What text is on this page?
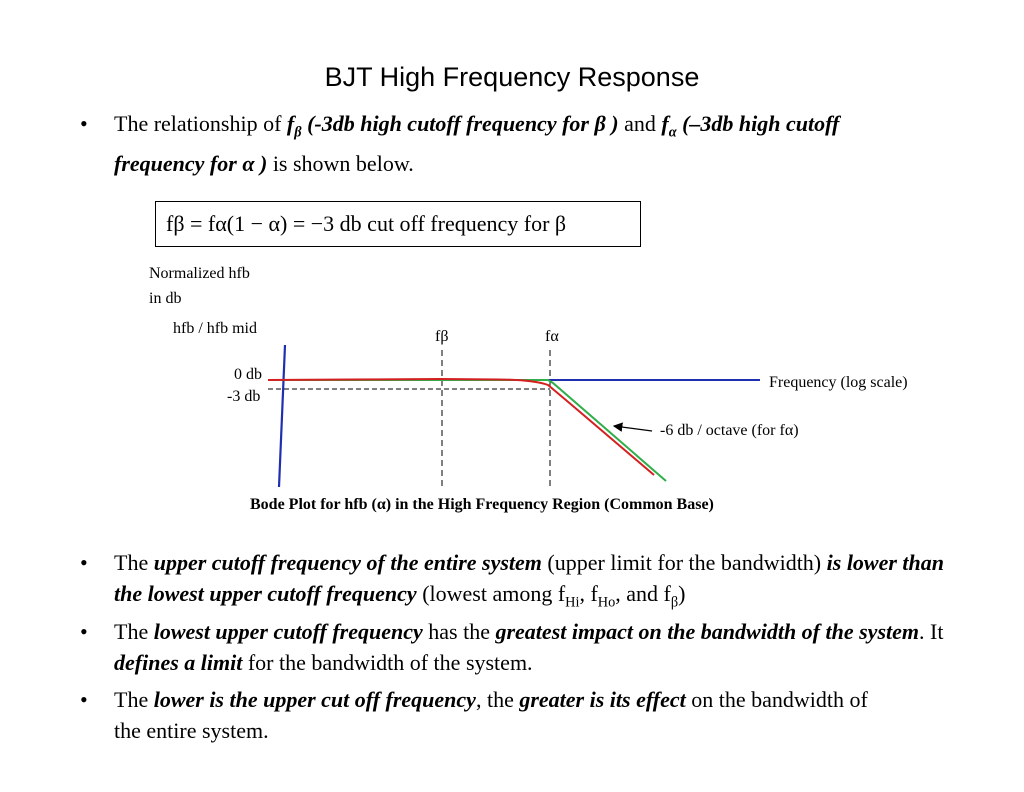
BJT High Frequency Response
• The relationship of $f_\beta$ (-3db high cutoff frequency for β ) and $f_\alpha$ (–3db high cutoff frequency for α ) is shown below.
fβ = fα(1 − α) = −3 db cut off frequency for β
Normalized hfb
in db
hfb / hfb mid	fβ	fα
0 db
-3 db
Frequency (log scale)
-6 db / octave (for fα)
Bode Plot for hfb (α) in the High Frequency Region (Common Base)
• The upper cutoff frequency of the entire system (upper limit for the bandwidth) is lower than the lowest upper cutoff frequency (lowest among $f_{Hi}$, $f_{Ho}$, and $f_\beta$)
• The lowest upper cutoff frequency has the greatest impact on the bandwidth of the system. It defines a limit for the bandwidth of the system.
• The lower is the upper cut off frequency, the greater is its effect on the bandwidth of the entire system.
